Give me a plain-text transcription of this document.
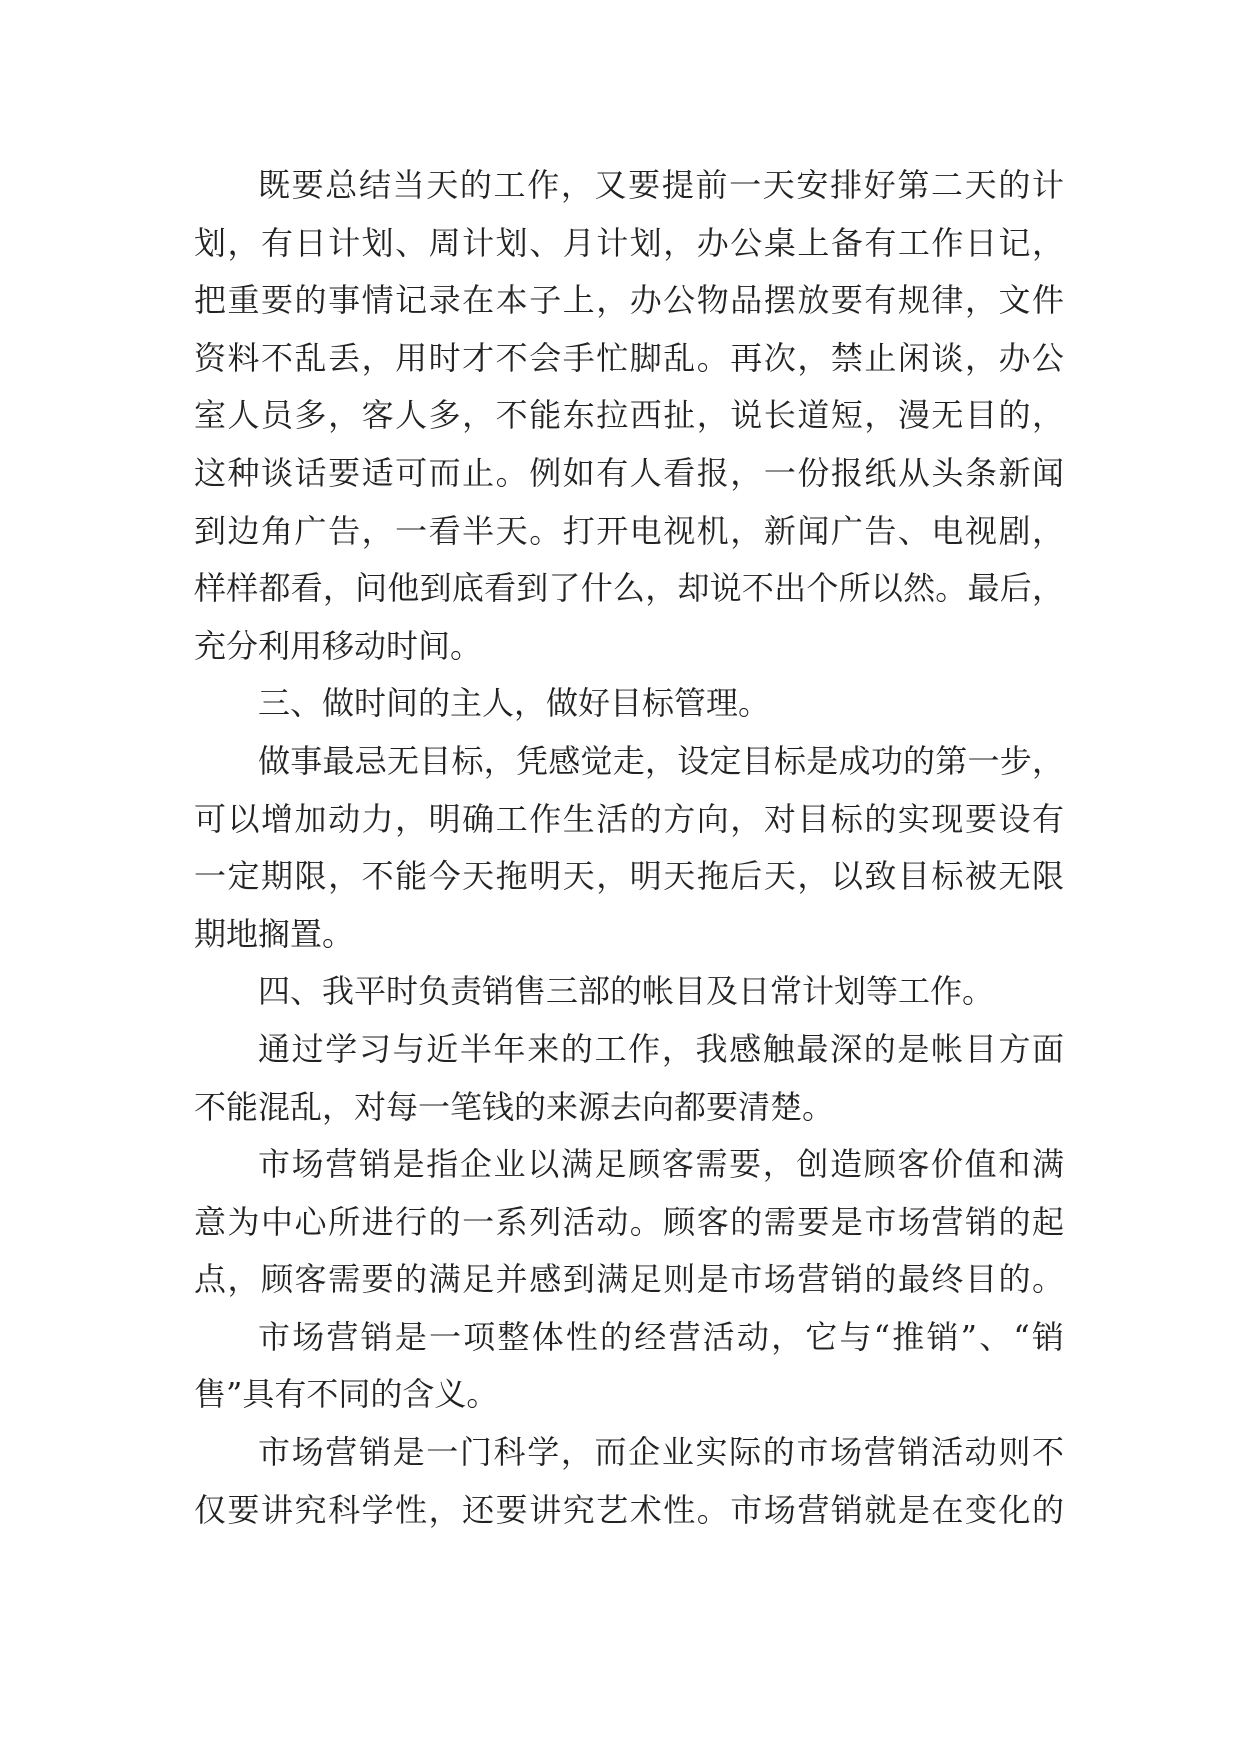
既要总结当天的工作，又要提前一天安排好第二天的计
划，有日计划、周计划、月计划，办公桌上备有工作日记，
把重要的事情记录在本子上，办公物品摆放要有规律，文件
资料不乱丢，用时才不会手忙脚乱。再次，禁止闲谈，办公
室人员多，客人多，不能东拉西扯，说长道短，漫无目的，
这种谈话要适可而止。例如有人看报，一份报纸从头条新闻
到边角广告，一看半天。打开电视机，新闻广告、电视剧，
样样都看，问他到底看到了什么，却说不出个所以然。最后，
充分利用移动时间。
三、做时间的主人，做好目标管理。
做事最忌无目标，凭感觉走，设定目标是成功的第一步，
可以增加动力，明确工作生活的方向，对目标的实现要设有
一定期限，不能今天拖明天，明天拖后天，以致目标被无限
期地搁置。
四、我平时负责销售三部的帐目及日常计划等工作。
通过学习与近半年来的工作，我感触最深的是帐目方面
不能混乱，对每一笔钱的来源去向都要清楚。
市场营销是指企业以满足顾客需要，创造顾客价值和满
意为中心所进行的一系列活动。顾客的需要是市场营销的起
点，顾客需要的满足并感到满足则是市场营销的最终目的。
市场营销是一项整体性的经营活动，它与“推销”、“销
售”具有不同的含义。
市场营销是一门科学，而企业实际的市场营销活动则不
仅要讲究科学性，还要讲究艺术性。市场营销就是在变化的
